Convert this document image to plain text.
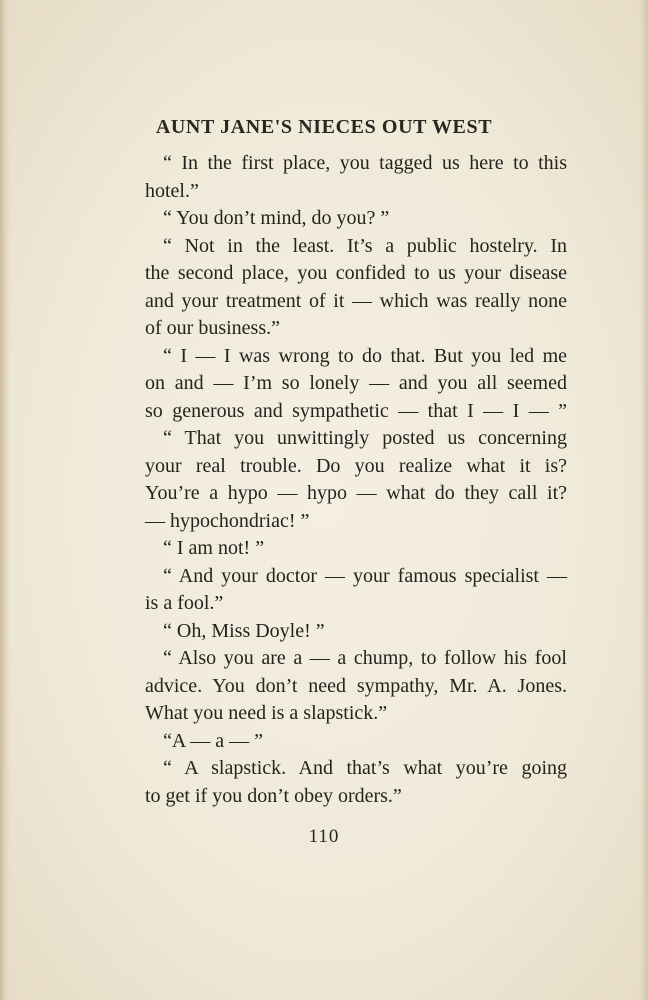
AUNT JANE'S NIECES OUT WEST
“ In the first place, you tagged us here to this
hotel.”
“ You don’t mind, do you? ”
“ Not in the least. It’s a public hostelry. In
the second place, you confided to us your disease
and your treatment of it — which was really none
of our business.”
“ I — I was wrong to do that. But you led me
on and — I’m so lonely — and you all seemed
so generous and sympathetic — that I — I — ”
“ That you unwittingly posted us concerning
your real trouble. Do you realize what it is?
You’re a hypo — hypo — what do they call it?
— hypochondriac! ”
“ I am not! ”
“ And your doctor — your famous specialist —
is a fool.”
“ Oh, Miss Doyle! ”
“ Also you are a — a chump, to follow his fool
advice. You don’t need sympathy, Mr. A. Jones.
What you need is a slapstick.”
“A — a — ”
“ A slapstick. And that’s what you’re going
to get if you don’t obey orders.”
110
